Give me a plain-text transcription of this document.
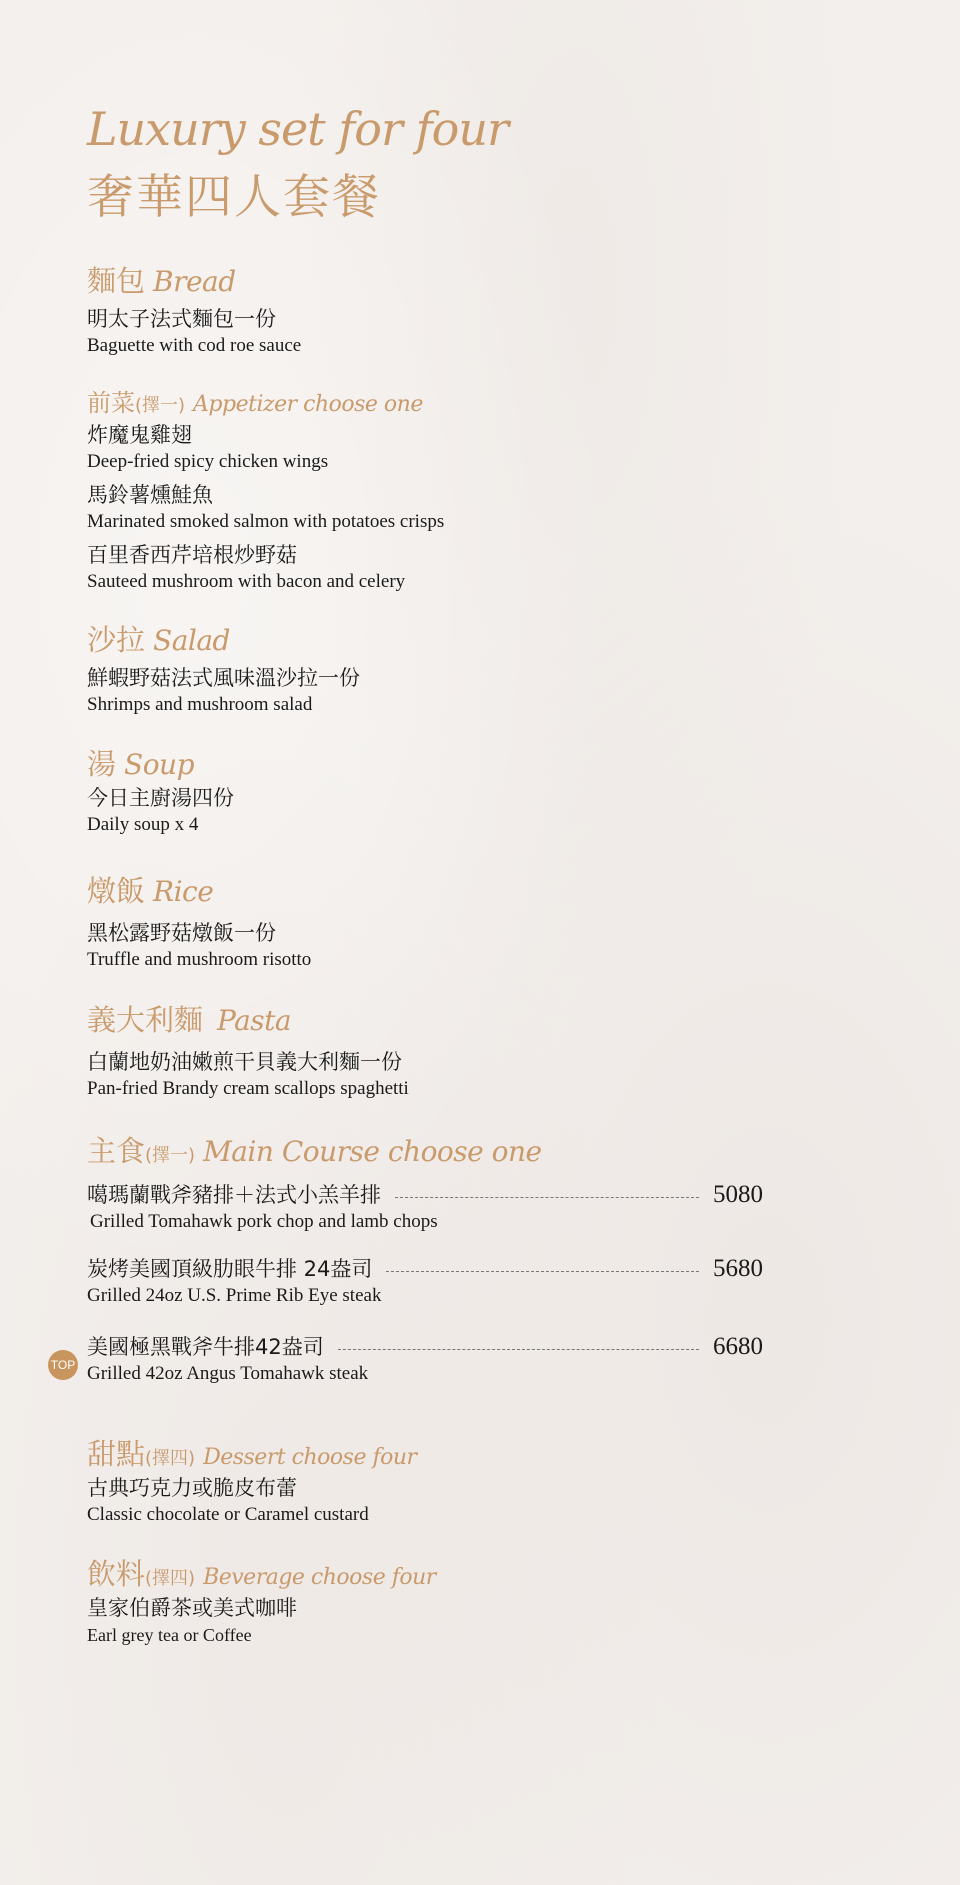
Luxury set for four
奢華四人套餐
麵包 Bread
明太子法式麵包一份
Baguette with cod roe sauce
前菜 (擇一) Appetizer choose one
炸魔鬼雞翅
Deep-fried spicy chicken wings
馬鈴薯燻鮭魚
Marinated smoked salmon with potatoes crisps
百里香西芹培根炒野菇
Sauteed mushroom with bacon and celery
沙拉 Salad
鮮蝦野菇法式風味溫沙拉一份
Shrimps and mushroom salad
湯 Soup
今日主廚湯四份
Daily soup x 4
燉飯 Rice
黑松露野菇燉飯一份
Truffle and mushroom risotto
義大利麵 Pasta
白蘭地奶油嫩煎干貝義大利麵一份
Pan-fried Brandy cream scallops spaghetti
主食 (擇一) Main Course choose one
噶瑪蘭戰斧豬排＋法式小羔羊排	5080
Grilled Tomahawk pork chop and lamb chops
炭烤美國頂級肋眼牛排 24盎司	5680
Grilled 24oz U.S. Prime Rib Eye steak
美國極黑戰斧牛排42盎司	6680
Grilled 42oz Angus Tomahawk steak
甜點 (擇四) Dessert choose four
古典巧克力或脆皮布蕾
Classic chocolate or Caramel custard
飲料 (擇四) Beverage choose four
皇家伯爵茶或美式咖啡
Earl grey tea or Coffee
TOP
